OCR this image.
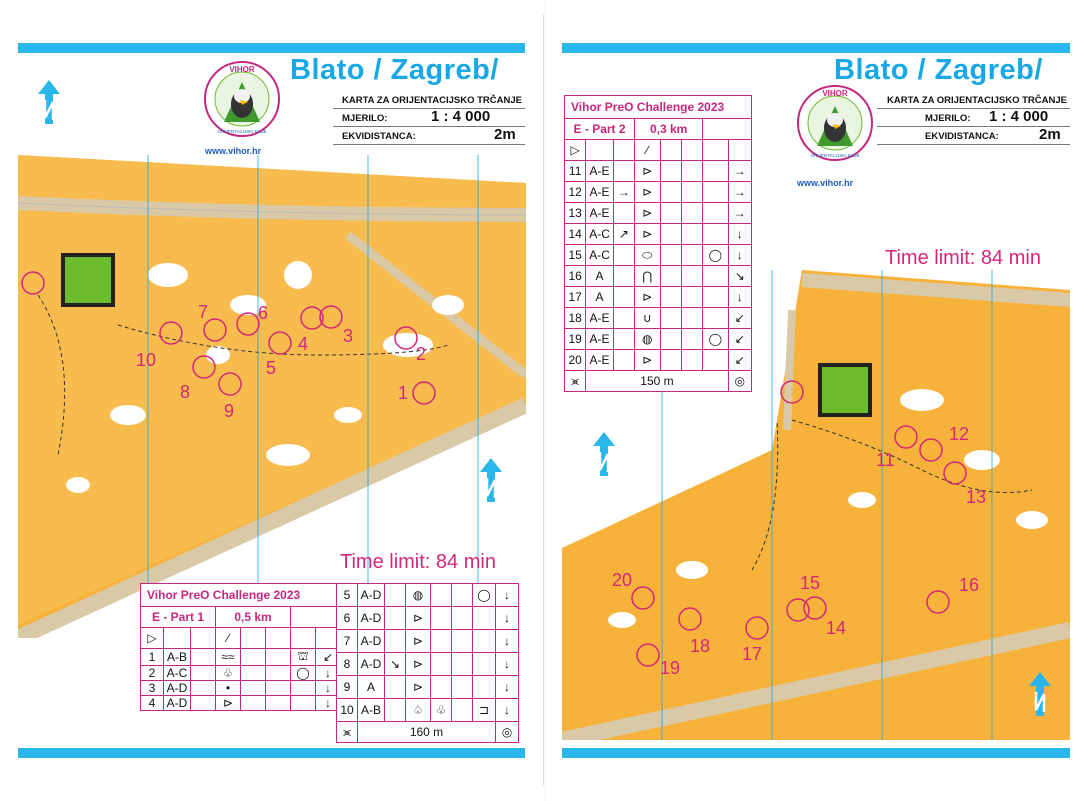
VIHOR
ORIJENTACIJSKI KLUB
www.vihor.hr
Blato / Zagreb/
KARTA ZA ORIJENTACIJSKO TRČANJE
MJERILO:	1 : 4 000
EKVIDISTANCA:	2m
1
2
3
4
5
6
7
8
9
10
Time limit: 84 min
Vihor PreO Challenge 2023							
E - Part 1			0,5 km				
▷			∕				
1	A-B		≈≈			⛫	↙
2	A-C		♧			◯	↓
3	A-D		•				↓
4	A-D		⊳				↓
5	A-D		◍			◯	↓
6	A-D		⊳				↓
7	A-D		⊳				↓
8	A-D	↘	⊳				↓
9	A		⊳				↓
10	A-B		♤	♧		⊐	↓
⪤	160 m						◎
VIHOR
ORIJENTACIJSKI KLUB
www.vihor.hr
Blato / Zagreb/
KARTA ZA ORIJENTACIJSKO TRČANJE
MJERILO: 1 : 4 000
EKVIDISTANCA:	2m
Time limit: 84 min
11
12
13
14
15	16
17
18
19
20
Vihor PreO Challenge 2023							
E - Part 2			0,3 km				
▷			∕				
11	A-E		⊳				→
12	A-E	→	⊳				→
13	A-E		⊳				→
14	A-C	↗	⊳				↓
15	A-C		⬭			◯	↓
16	A		⋂				↘
17	A		⊳				↓
18	A-E		∪				↙
19	A-E		◍			◯	↙
20	A-E		⊳				↙
⪤	150 m						◎
